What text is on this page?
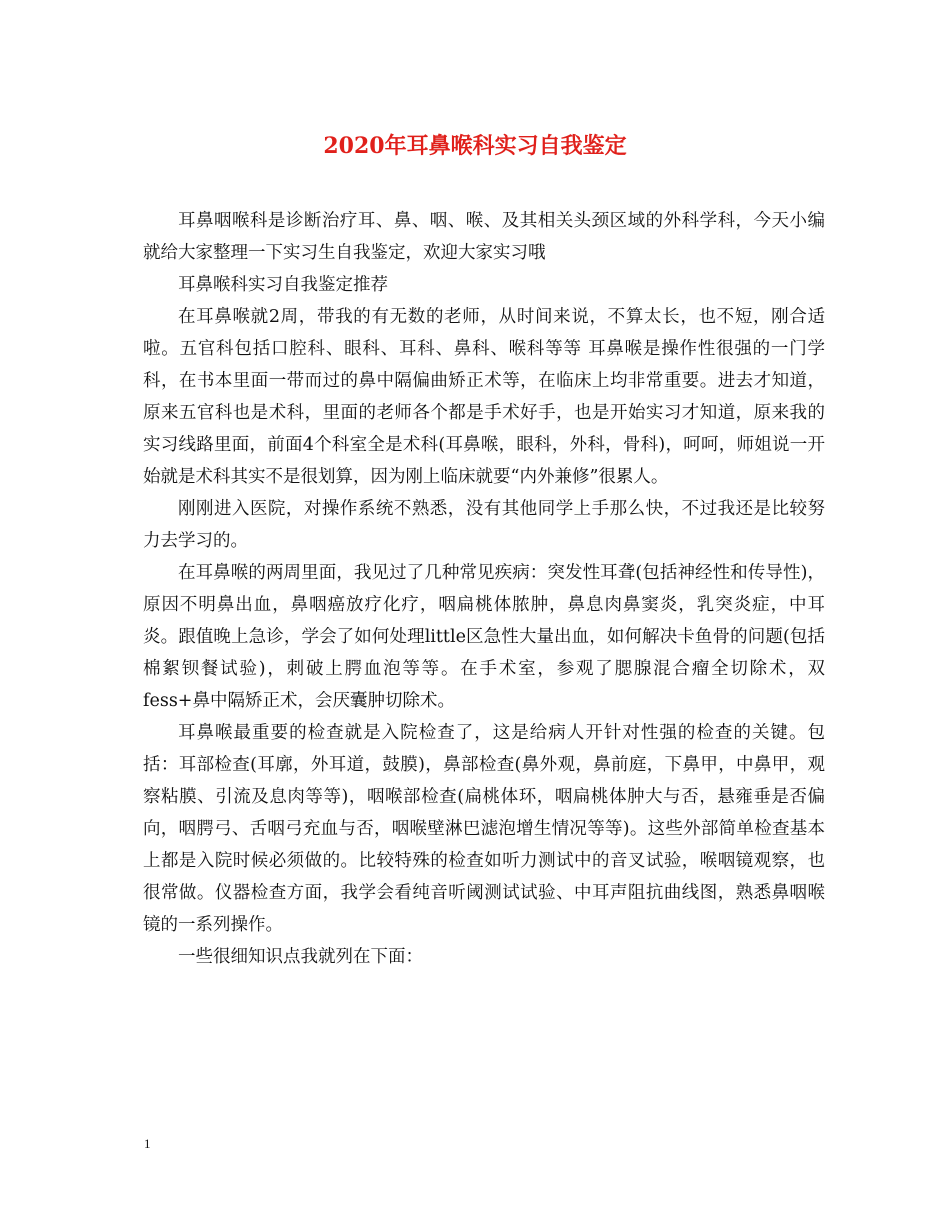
2020年耳鼻喉科实习自我鉴定

耳鼻咽喉科是诊断治疗耳、鼻、咽、喉、及其相关头颈区域的外科学科，今天小编就给大家整理一下实习生自我鉴定，欢迎大家实习哦

耳鼻喉科实习自我鉴定推荐

在耳鼻喉就2周，带我的有无数的老师，从时间来说，不算太长，也不短，刚合适啦。五官科包括口腔科、眼科、耳科、鼻科、喉科等等 耳鼻喉是操作性很强的一门学科，在书本里面一带而过的鼻中隔偏曲矫正术等，在临床上均非常重要。进去才知道，原来五官科也是术科，里面的老师各个都是手术好手，也是开始实习才知道，原来我的实习线路里面，前面4个科室全是术科(耳鼻喉，眼科，外科，骨科)，呵呵，师姐说一开始就是术科其实不是很划算，因为刚上临床就要“内外兼修”很累人。

刚刚进入医院，对操作系统不熟悉，没有其他同学上手那么快，不过我还是比较努力去学习的。

在耳鼻喉的两周里面，我见过了几种常见疾病：突发性耳聋(包括神经性和传导性)，原因不明鼻出血，鼻咽癌放疗化疗，咽扁桃体脓肿，鼻息肉鼻窦炎，乳突炎症，中耳炎。跟值晚上急诊，学会了如何处理little区急性大量出血，如何解决卡鱼骨的问题(包括棉絮钡餐试验)，刺破上腭血泡等等。在手术室，参观了腮腺混合瘤全切除术，双fess+鼻中隔矫正术，会厌囊肿切除术。

耳鼻喉最重要的检查就是入院检查了，这是给病人开针对性强的检查的关键。包括：耳部检查(耳廓，外耳道，鼓膜)，鼻部检查(鼻外观，鼻前庭，下鼻甲，中鼻甲，观察粘膜、引流及息肉等等)，咽喉部检查(扁桃体环，咽扁桃体肿大与否，悬雍垂是否偏向，咽腭弓、舌咽弓充血与否，咽喉壁淋巴滤泡增生情况等等)。这些外部简单检查基本上都是入院时候必须做的。比较特殊的检查如听力测试中的音叉试验，喉咽镜观察，也很常做。仪器检查方面，我学会看纯音听阈测试试验、中耳声阻抗曲线图，熟悉鼻咽喉镜的一系列操作。

一些很细知识点我就列在下面：

1
